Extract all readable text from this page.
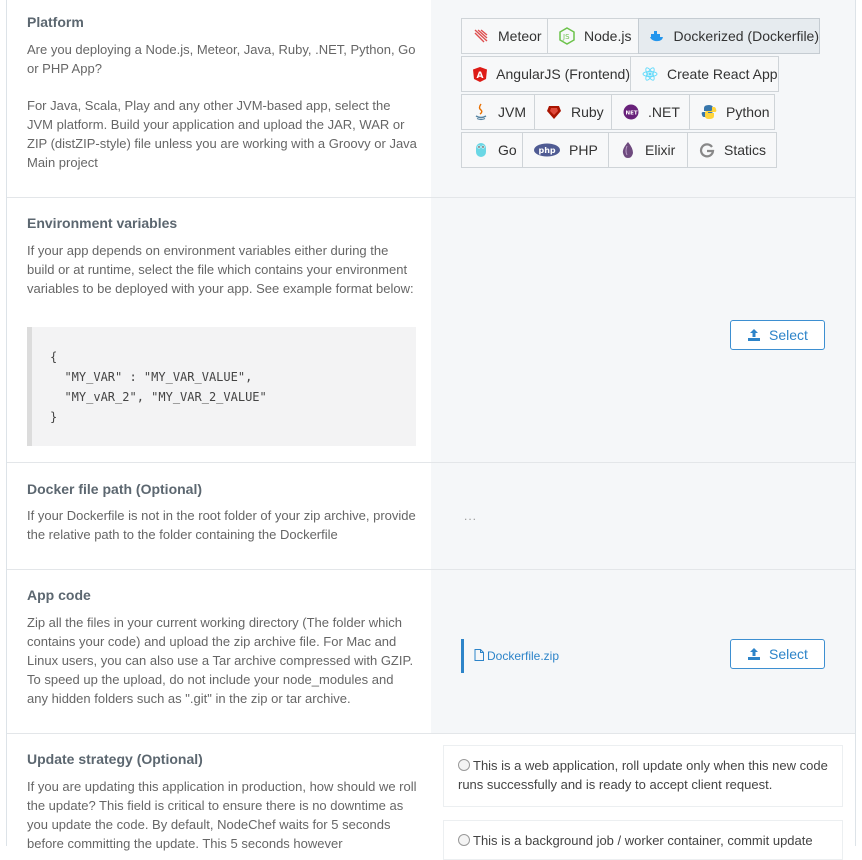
Platform
Are you deploying a Node.js, Meteor, Java, Ruby, .NET, Python, Go or PHP App?
For Java, Scala, Play and any other JVM-based app, select the JVM platform. Build your application and upload the JAR, WAR or ZIP (distZIP-style) file unless you are working with a Groovy or Java Main project
Meteor	JS Node.js	Dockerized (Dockerfile)
A AngularJS (Frontend)	Create React App
JVM	Ruby	NET .NET	Python
Go	php PHP	Elixir	Statics
Environment variables
If your app depends on environment variables either during the build or at runtime, select the file which contains your environment variables to be deployed with your app. See example format below:
{
"MY_VAR" : "MY_VAR_VALUE",
"MY_vAR_2", "MY_VAR_2_VALUE"
}
Select
Docker file path (Optional)
If your Dockerfile is not in the root folder of your zip archive, provide the relative path to the folder containing the Dockerfile
...
App code
Zip all the files in your current working directory (The folder which contains your code) and upload the zip archive file. For Mac and Linux users, you can also use a Tar archive compressed with GZIP. To speed up the upload, do not include your node_modules and any hidden folders such as ".git" in the zip or tar archive.
Dockerfile.zip	Select
Update strategy (Optional)
If you are updating this application in production, how should we roll the update? This field is critical to ensure there is no downtime as you update the code. By default, NodeChef waits for 5 seconds before committing the update. This 5 seconds however
This is a web application, roll update only when this new code runs successfully and is ready to accept client request.
This is a background job / worker container, commit update
